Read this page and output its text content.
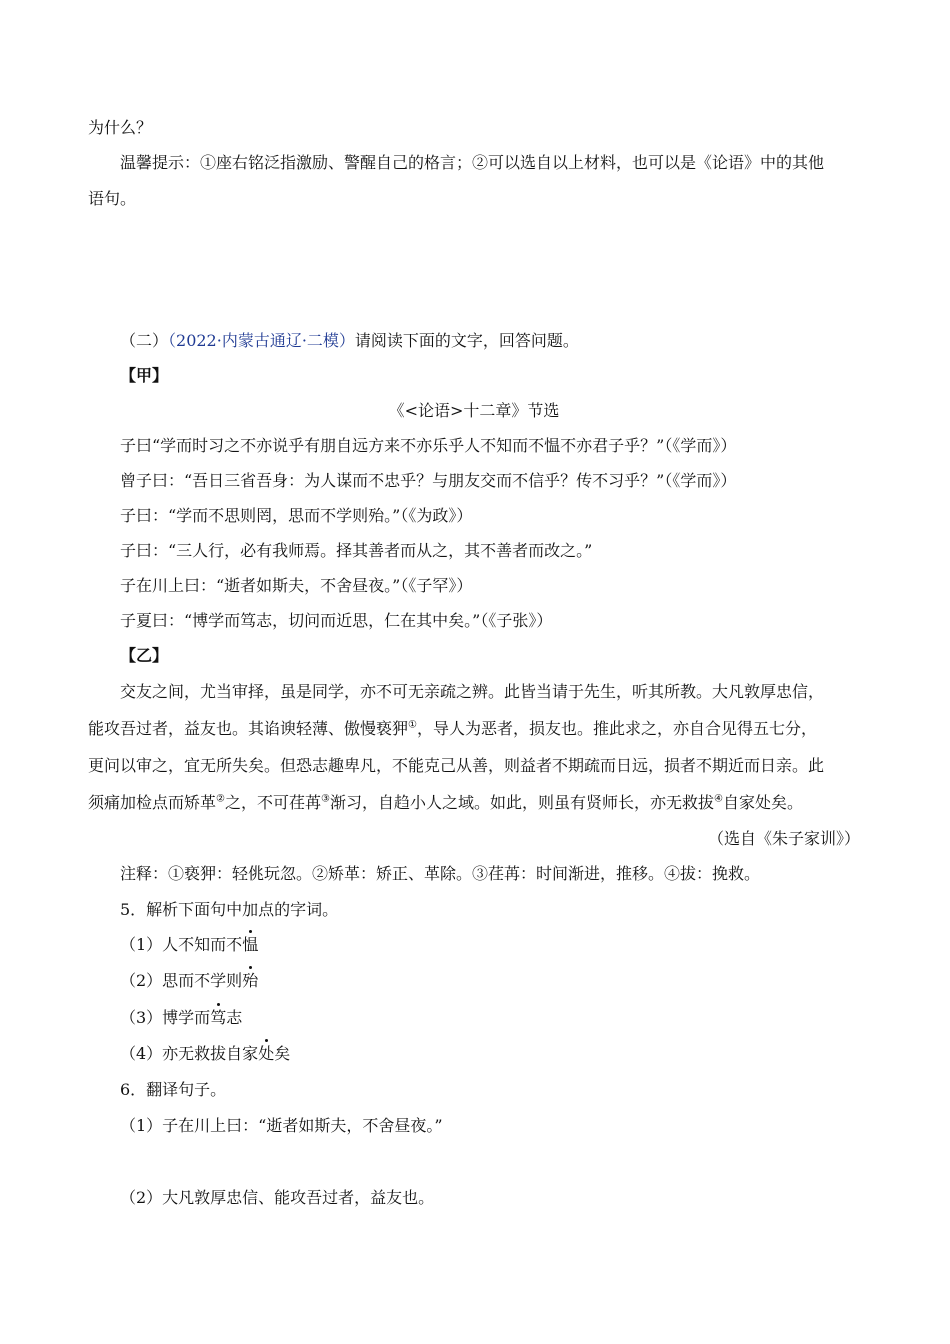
为什么？
温馨提示：①座右铭泛指激励、警醒自己的格言；②可以选自以上材料，也可以是《论语》中的其他
语句。
（二）（2022·内蒙古通辽·二模）请阅读下面的文字，回答问题。
【甲】
《<论语>十二章》节选
子曰“学而时习之不亦说乎有朋自远方来不亦乐乎人不知而不愠不亦君子乎？”（《学而》）
曾子曰：“吾日三省吾身：为人谋而不忠乎？与朋友交而不信乎？传不习乎？”（《学而》）
子曰：“学而不思则罔，思而不学则殆。”（《为政》）
子曰：“三人行，必有我师焉。择其善者而从之，其不善者而改之。”
子在川上曰：“逝者如斯夫，不舍昼夜。”（《子罕》）
子夏曰：“博学而笃志，切问而近思，仁在其中矣。”（《子张》）
【乙】
交友之间，尤当审择，虽是同学，亦不可无亲疏之辨。此皆当请于先生，听其所教。大凡敦厚忠信，
能攻吾过者，益友也。其谄谀轻薄、傲慢亵狎①，导人为恶者，损友也。推此求之，亦自合见得五七分，
更问以审之，宜无所失矣。但恐志趣卑凡，不能克己从善，则益者不期疏而日远，损者不期近而日亲。此
须痛加检点而矫革②之，不可荏苒③渐习，自趋小人之域。如此，则虽有贤师长，亦无救拔④自家处矣。
（选自《朱子家训》）
注释：①亵狎：轻佻玩忽。②矫革：矫正、革除。③荏苒：时间渐进，推移。④拔：挽救。
5．解析下面句中加点的字词。
（1）人不知而不愠
（2）思而不学则殆
（3）博学而笃志
（4）亦无救拔自家处矣
6．翻译句子。
（1）子在川上曰：“逝者如斯夫，不舍昼夜。”
（2）大凡敦厚忠信、能攻吾过者，益友也。
